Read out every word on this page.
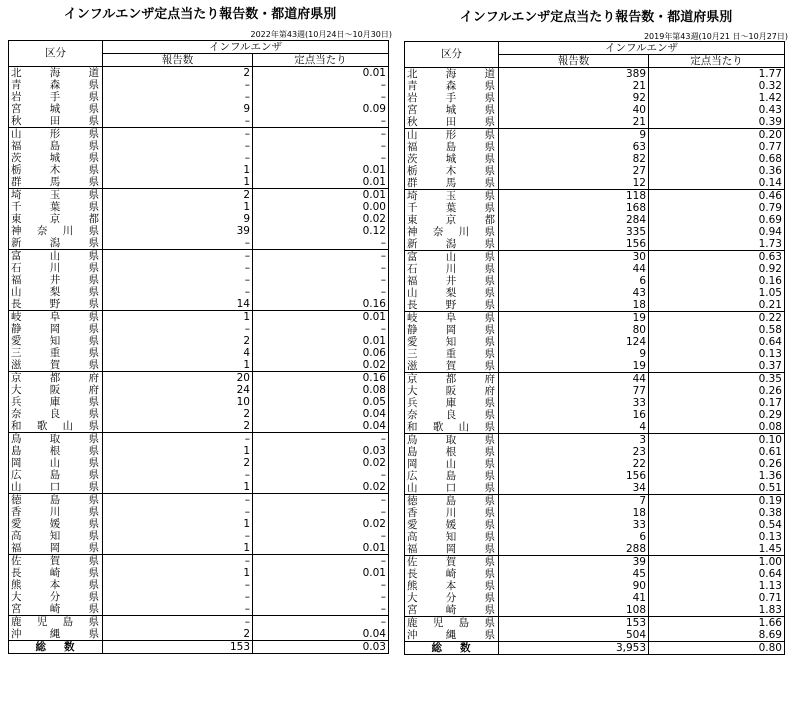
インフルエンザ定点当たり報告数・都道府県別
2022年第43週(10月24日～10月30日)
区分	インフルエンザ	
	報告数	定点当たり

北 海 道	2	0.01

青 森 県	–	–

岩 手 県	–	–

宮 城 県	9	0.09

秋 田 県	–	–

山 形 県	–	–

福 島 県	–	–

茨 城 県	–	–

栃 木 県	1	0.01

群 馬 県	1	0.01

埼 玉 県	2	0.01

千 葉 県	1	0.00

東 京 都	9	0.02

神 奈 川 県	39	0.12

新 潟 県	–	–

富 山 県	–	–

石 川 県	–	–

福 井 県	–	–

山 梨 県	–	–

長 野 県	14	0.16

岐 阜 県	1	0.01

静 岡 県	–	–

愛 知 県	2	0.01

三 重 県	4	0.06

滋 賀 県	1	0.02

京 都 府	20	0.16

大 阪 府	24	0.08

兵 庫 県	10	0.05

奈 良 県	2	0.04

和 歌 山 県	2	0.04

鳥 取 県	–	–

島 根 県	1	0.03

岡 山 県	2	0.02

広 島 県	–	–

山 口 県	1	0.02

徳 島 県	–	–

香 川 県	–	–

愛 媛 県	1	0.02

高 知 県	–	–

福 岡 県	1	0.01

佐 賀 県	–	–

長 崎 県	1	0.01

熊 本 県	–	–

大 分 県	–	–

宮 崎 県	–	–

鹿 児 島 県	–	–

沖 縄 県	2	0.04

総 数	153	0.03
インフルエンザ定点当たり報告数・都道府県別
2019年第43週(10月21 日～10月27日)
区分	インフルエンザ	
	報告数	定点当たり

北 海 道	389	1.77

青 森 県	21	0.32

岩 手 県	92	1.42

宮 城 県	40	0.43

秋 田 県	21	0.39

山 形 県	9	0.20

福 島 県	63	0.77

茨 城 県	82	0.68

栃 木 県	27	0.36

群 馬 県	12	0.14

埼 玉 県	118	0.46

千 葉 県	168	0.79

東 京 都	284	0.69

神 奈 川 県	335	0.94

新 潟 県	156	1.73

富 山 県	30	0.63

石 川 県	44	0.92

福 井 県	6	0.16

山 梨 県	43	1.05

長 野 県	18	0.21

岐 阜 県	19	0.22

静 岡 県	80	0.58

愛 知 県	124	0.64

三 重 県	9	0.13

滋 賀 県	19	0.37

京 都 府	44	0.35

大 阪 府	77	0.26

兵 庫 県	33	0.17

奈 良 県	16	0.29

和 歌 山 県	4	0.08

鳥 取 県	3	0.10

島 根 県	23	0.61

岡 山 県	22	0.26

広 島 県	156	1.36

山 口 県	34	0.51

徳 島 県	7	0.19

香 川 県	18	0.38

愛 媛 県	33	0.54

高 知 県	6	0.13

福 岡 県	288	1.45

佐 賀 県	39	1.00

長 崎 県	45	0.64

熊 本 県	90	1.13

大 分 県	41	0.71

宮 崎 県	108	1.83

鹿 児 島 県	153	1.66

沖 縄 県	504	8.69

総 数	3,953	0.80
